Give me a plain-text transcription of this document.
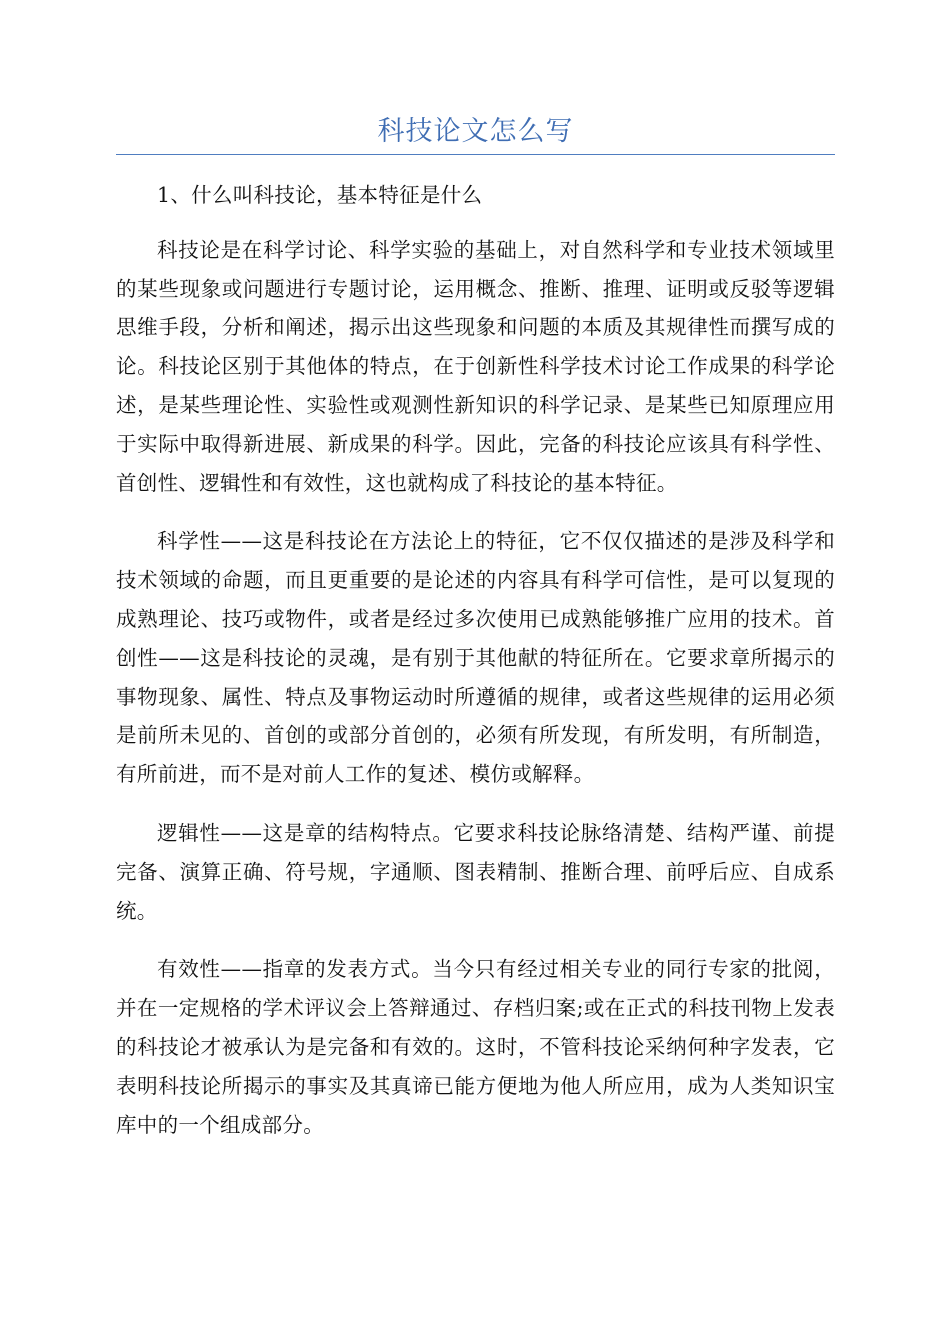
科技论文怎么写

1、什么叫科技论，基本特征是什么

科技论是在科学讨论、科学实验的基础上，对自然科学和专业技术领域里的某些现象或问题进行专题讨论，运用概念、推断、推理、证明或反驳等逻辑思维手段，分析和阐述，揭示出这些现象和问题的本质及其规律性而撰写成的论。科技论区别于其他体的特点，在于创新性科学技术讨论工作成果的科学论述，是某些理论性、实验性或观测性新知识的科学记录、是某些已知原理应用于实际中取得新进展、新成果的科学。因此，完备的科技论应该具有科学性、首创性、逻辑性和有效性，这也就构成了科技论的基本特征。

科学性——这是科技论在方法论上的特征，它不仅仅描述的是涉及科学和技术领域的命题，而且更重要的是论述的内容具有科学可信性，是可以复现的成熟理论、技巧或物件，或者是经过多次使用已成熟能够推广应用的技术。首创性——这是科技论的灵魂，是有别于其他献的特征所在。它要求章所揭示的事物现象、属性、特点及事物运动时所遵循的规律，或者这些规律的运用必须是前所未见的、首创的或部分首创的，必须有所发现，有所发明，有所制造，有所前进，而不是对前人工作的复述、模仿或解释。

逻辑性——这是章的结构特点。它要求科技论脉络清楚、结构严谨、前提完备、演算正确、符号规，字通顺、图表精制、推断合理、前呼后应、自成系统。

有效性——指章的发表方式。当今只有经过相关专业的同行专家的批阅，并在一定规格的学术评议会上答辩通过、存档归案;或在正式的科技刊物上发表的科技论才被承认为是完备和有效的。这时，不管科技论采纳何种字发表，它表明科技论所揭示的事实及其真谛已能方便地为他人所应用，成为人类知识宝库中的一个组成部分。
